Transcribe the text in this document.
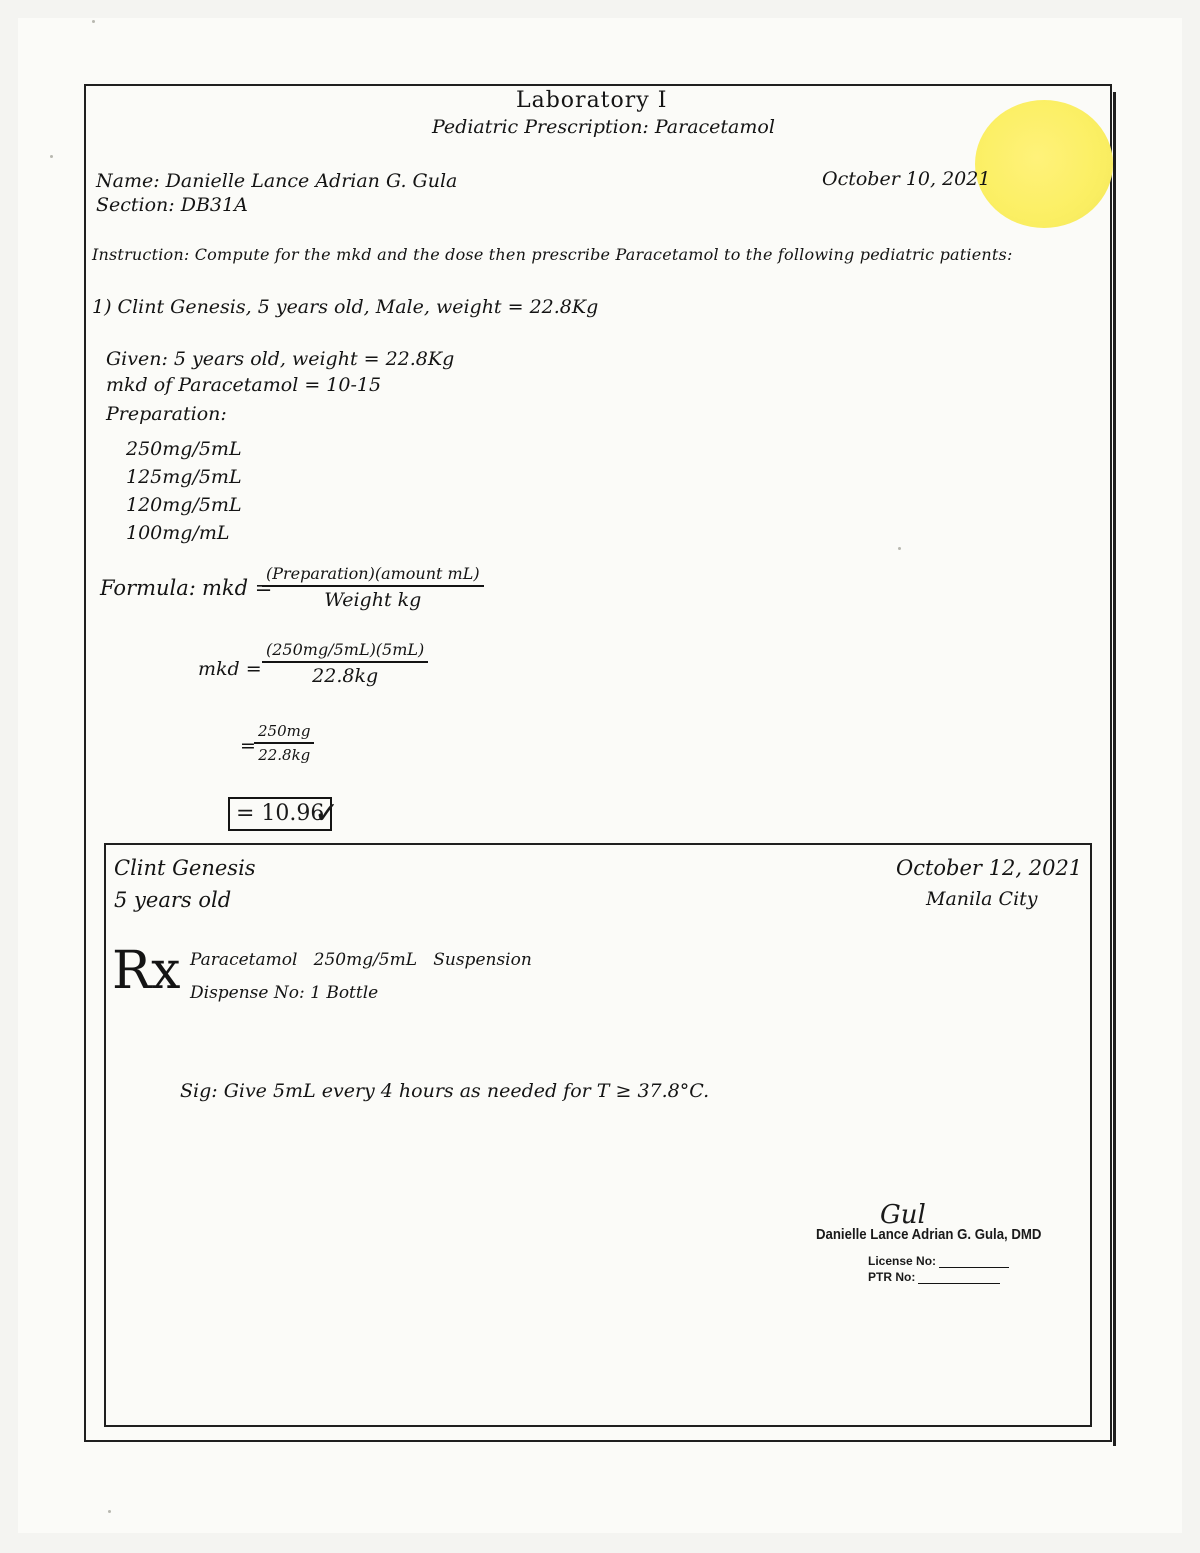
Laboratory I
Pediatric Prescription: Paracetamol
Name: Danielle Lance Adrian G. Gula	October 10, 2021
Section: DB31A
Instruction: Compute for the mkd and the dose then prescribe Paracetamol to the following pediatric patients:
1) Clint Genesis, 5 years old, Male, weight = 22.8Kg
Given: 5 years old, weight = 22.8Kg
mkd of Paracetamol = 10-15
Preparation:
250mg/5mL
125mg/5mL
120mg/5mL
100mg/mL
Formula: mkd =
(Preparation)(amount mL)
Weight kg
mkd =
(250mg/5mL)(5mL)
22.8kg
=
$\frac{250mg}{22.8kg}$
= 10.96
✓
Clint Genesis
5 years old
October 12, 2021
Manila City
Rx Paracetamol   250mg/5mL   Suspension
Dispense No: 1 Bottle
Sig: Give 5mL every 4 hours as needed for T ≥ 37.8°C.
Gul
Danielle Lance Adrian G. Gula, DMD
License No:
PTR No:
